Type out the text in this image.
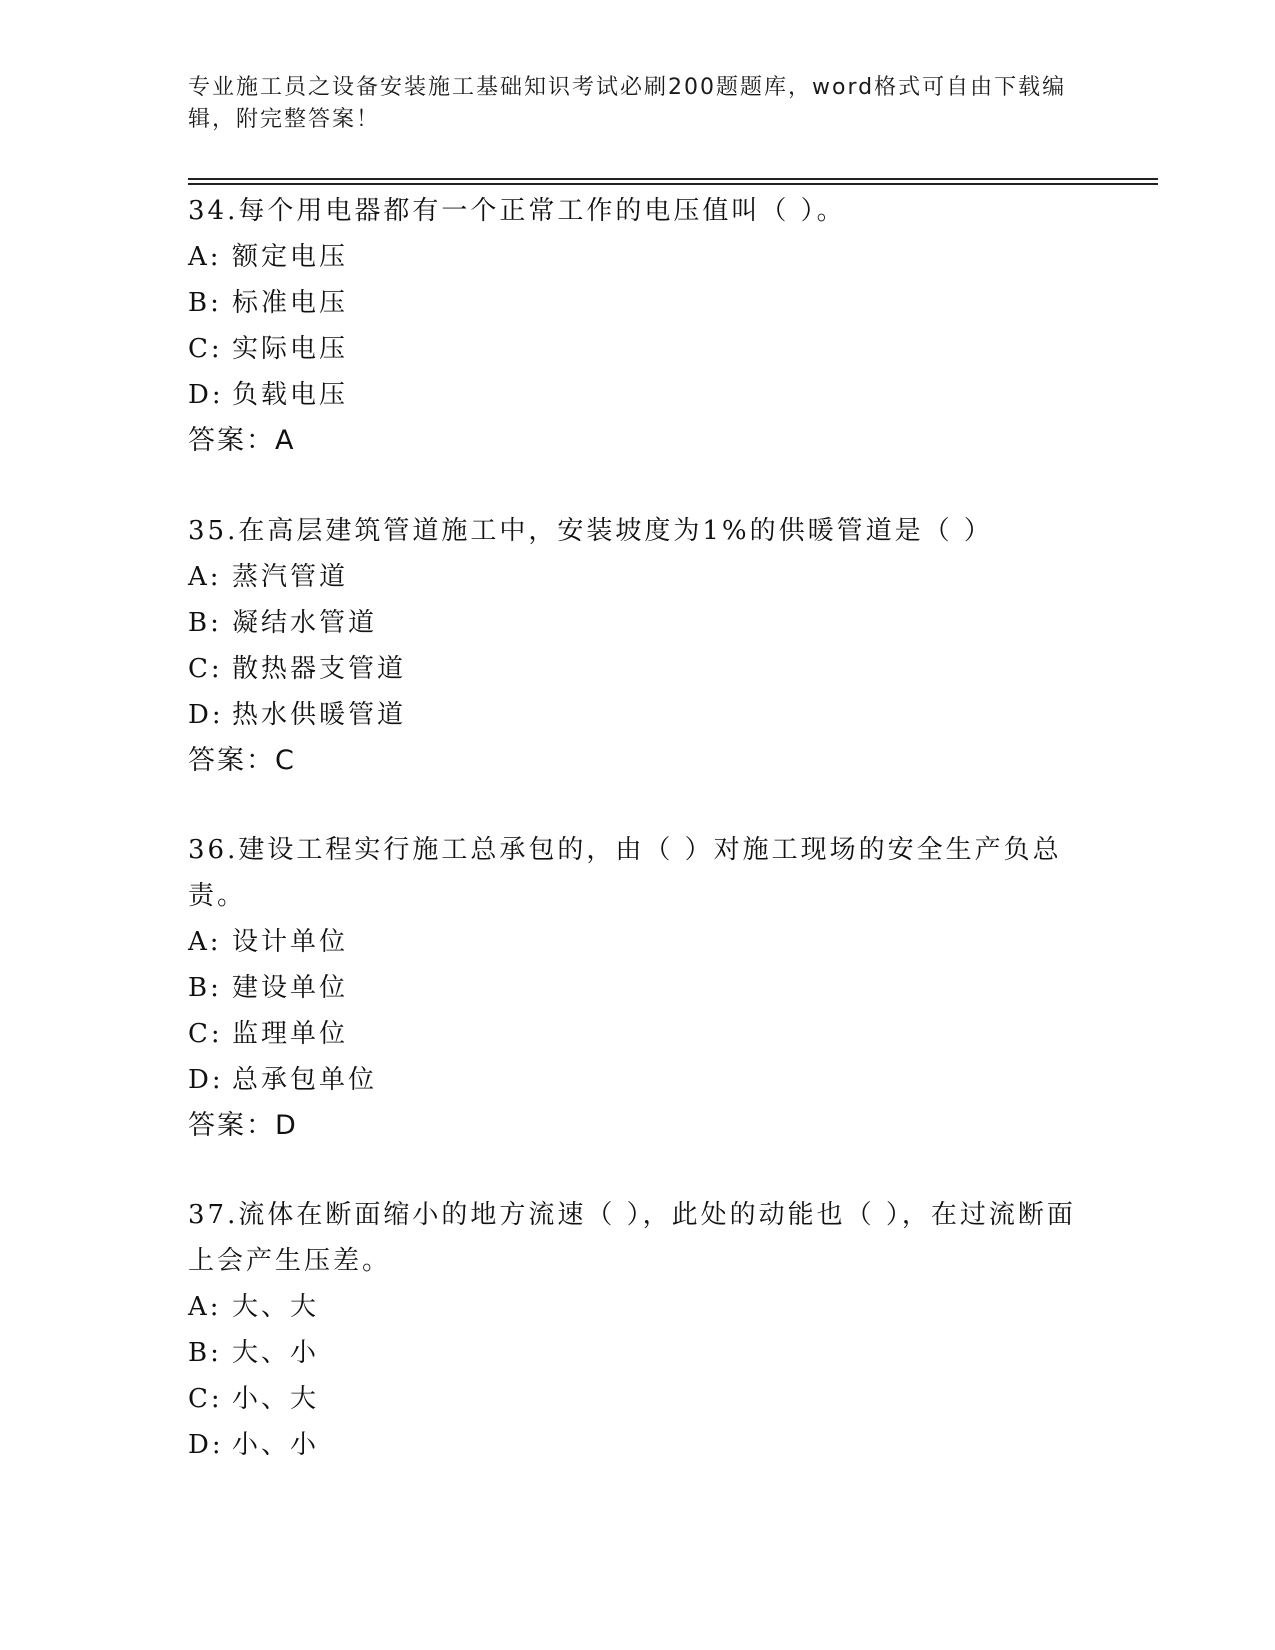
专业施工员之设备安装施工基础知识考试必刷200题题库，word格式可自由下载编辑，附完整答案！

34.每个用电器都有一个正常工作的电压值叫（ ）。

A: 额定电压

B: 标准电压

C: 实际电压

D: 负载电压

答案：A

35.在高层建筑管道施工中，安装坡度为1%的供暖管道是（ ）

A: 蒸汽管道

B: 凝结水管道

C: 散热器支管道

D: 热水供暖管道

答案：C

36.建设工程实行施工总承包的，由（ ）对施工现场的安全生产负总责。

A: 设计单位

B: 建设单位

C: 监理单位

D: 总承包单位

答案：D

37.流体在断面缩小的地方流速（ ），此处的动能也（ ），在过流断面上会产生压差。

A: 大、大

B: 大、小

C: 小、大

D: 小、小
